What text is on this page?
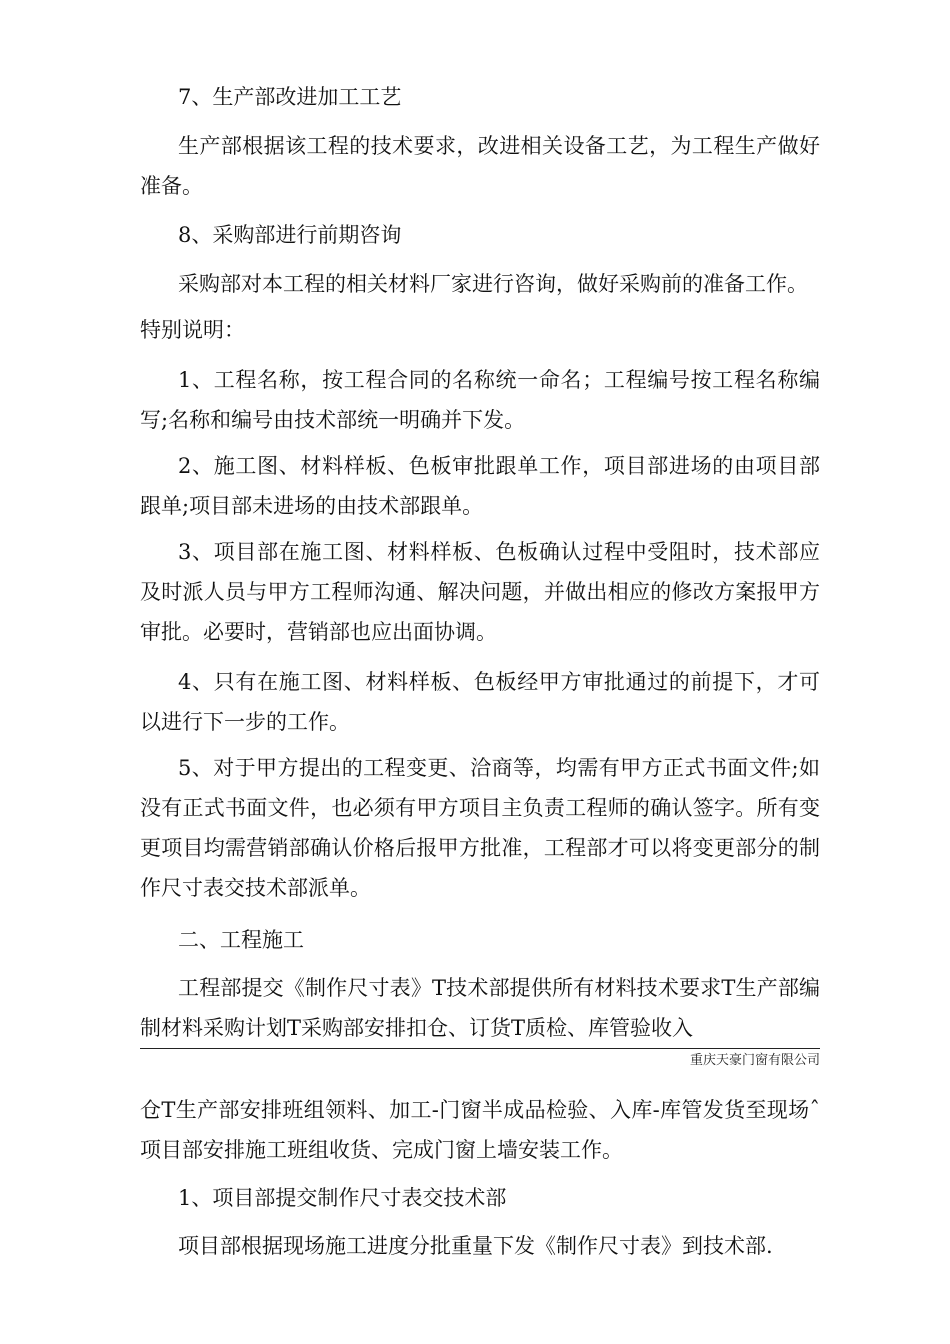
7、生产部改进加工工艺

生产部根据该工程的技术要求，改进相关设备工艺，为工程生产做好准备。

8、采购部进行前期咨询

采购部对本工程的相关材料厂家进行咨询，做好采购前的准备工作。

特别说明：

1、工程名称，按工程合同的名称统一命名；工程编号按工程名称编写;名称和编号由技术部统一明确并下发。

2、施工图、材料样板、色板审批跟单工作，项目部进场的由项目部跟单;项目部未进场的由技术部跟单。

3、项目部在施工图、材料样板、色板确认过程中受阻时，技术部应及时派人员与甲方工程师沟通、解决问题，并做出相应的修改方案报甲方审批。必要时，营销部也应出面协调。

4、只有在施工图、材料样板、色板经甲方审批通过的前提下，才可以进行下一步的工作。

5、对于甲方提出的工程变更、洽商等，均需有甲方正式书面文件;如没有正式书面文件，也必须有甲方项目主负责工程师的确认签字。所有变更项目均需营销部确认价格后报甲方批准，工程部才可以将变更部分的制作尺寸表交技术部派单。

二、工程施工

工程部提交《制作尺寸表》T技术部提供所有材料技术要求T生产部编制材料采购计划T采购部安排扣仓、订货T质检、库管验收入

仓T生产部安排班组领料、加工-门窗半成品检验、入库-库管发货至现场ˆ项目部安排施工班组收货、完成门窗上墙安装工作。

1、项目部提交制作尺寸表交技术部

项目部根据现场施工进度分批重量下发《制作尺寸表》到技术部.

重庆天豪门窗有限公司
